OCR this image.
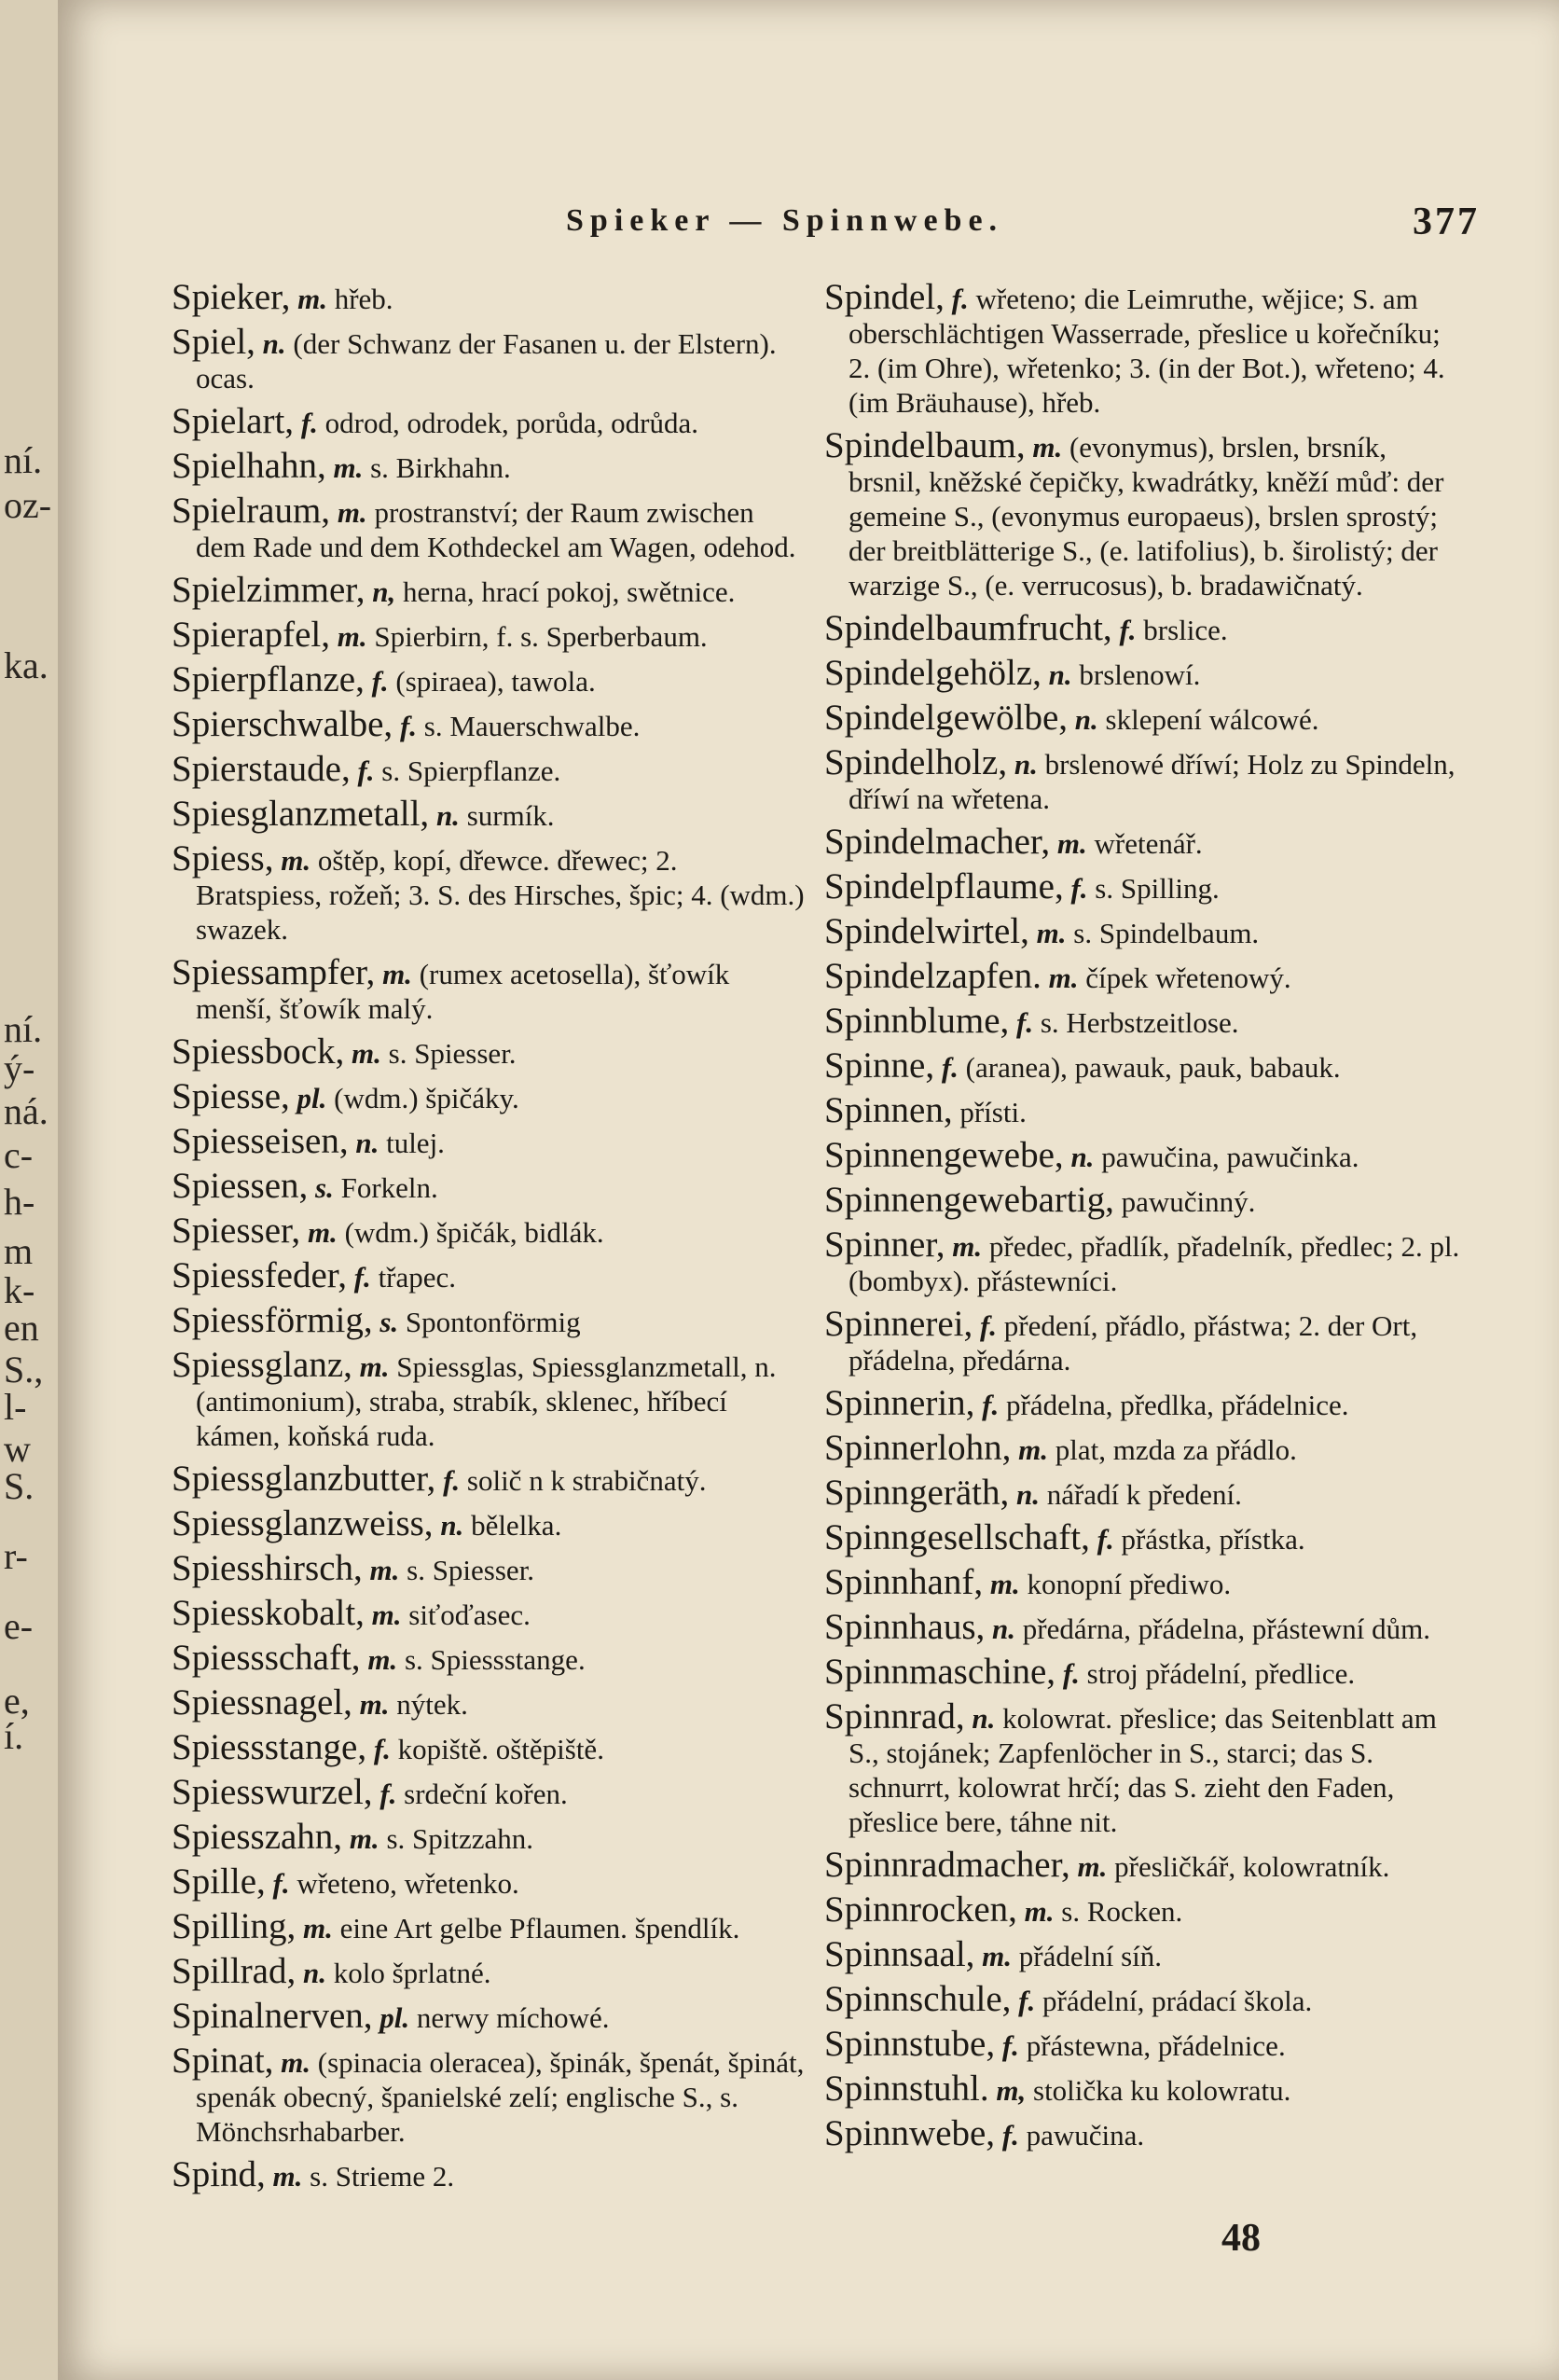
ní.
oz-
ka.
ní.
ý-
ná.
c-
h-
m
k-
en
S.,
l-
w
S.
r-
e-
e,
í.
Spieker — Spinnwebe.	377
Spieker, m. hřeb.
Spiel, n. (der Schwanz der Fasanen u. der Elstern). ocas.
Spielart, f. odrod, odrodek, porůda, odrůda.
Spielhahn, m. s. Birkhahn.
Spielraum, m. prostranství; der Raum zwischen dem Rade und dem Kothdeckel am Wagen, odehod.
Spielzimmer, n, herna, hrací pokoj, swětnice.
Spierapfel, m. Spierbirn, f. s. Sperberbaum.
Spierpflanze, f. (spiraea), tawola.
Spierschwalbe, f. s. Mauerschwalbe.
Spierstaude, f. s. Spierpflanze.
Spiesglanzmetall, n. surmík.
Spiess, m. oštěp, kopí, dřewce. dřewec; 2. Bratspiess, rožeň; 3. S. des Hirsches, špic; 4. (wdm.) swazek.
Spiessampfer, m. (rumex acetosella), šťowík menší, šťowík malý.
Spiessbock, m. s. Spiesser.
Spiesse, pl. (wdm.) špičáky.
Spiesseisen, n. tulej.
Spiessen, s. Forkeln.
Spiesser, m. (wdm.) špičák, bidlák.
Spiessfeder, f. třapec.
Spiessförmig, s. Spontonförmig
Spiessglanz, m. Spiessglas, Spiessglanzmetall, n. (antimonium), straba, strabík, sklenec, hříbecí kámen, koňská ruda.
Spiessglanzbutter, f. solič n k strabičnatý.
Spiessglanzweiss, n. bělelka.
Spiesshirsch, m. s. Spiesser.
Spiesskobalt, m. siťoďasec.
Spiessschaft, m. s. Spiessstange.
Spiessnagel, m. nýtek.
Spiessstange, f. kopiště. oštěpiště.
Spiesswurzel, f. srdeční kořen.
Spiesszahn, m. s. Spitzzahn.
Spille, f. wřeteno, wřetenko.
Spilling, m. eine Art gelbe Pflaumen. špendlík.
Spillrad, n. kolo šprlatné.
Spinalnerven, pl. nerwy míchowé.
Spinat, m. (spinacia oleracea), špinák, špenát, špinát, spenák obecný, španielské zelí; englische S., s. Mönchsrhabarber.
Spind, m. s. Strieme 2.
Spindel, f. wřeteno; die Leimruthe, wějice; S. am oberschlächtigen Wasserrade, přeslice u kořečníku; 2. (im Ohre), wřetenko; 3. (in der Bot.), wřeteno; 4. (im Bräuhause), hřeb.
Spindelbaum, m. (evonymus), brslen, brsník, brsnil, kněžské čepičky, kwadrátky, kněží můď: der gemeine S., (evonymus europaeus), brslen sprostý; der breitblätterige S., (e. latifolius), b. širolistý; der warzige S., (e. verrucosus), b. bradawičnatý.
Spindelbaumfrucht, f. brslice.
Spindelgehölz, n. brslenowí.
Spindelgewölbe, n. sklepení wálcowé.
Spindelholz, n. brslenowé dříwí; Holz zu Spindeln, dříwí na wřetena.
Spindelmacher, m. wřetenář.
Spindelpflaume, f. s. Spilling.
Spindelwirtel, m. s. Spindelbaum.
Spindelzapfen. m. čípek wřetenowý.
Spinnblume, f. s. Herbstzeitlose.
Spinne, f. (aranea), pawauk, pauk, babauk.
Spinnen, přísti.
Spinnengewebe, n. pawučina, pawučinka.
Spinnengewebartig, pawučinný.
Spinner, m. předec, přadlík, přadelník, předlec; 2. pl. (bombyx). přástewníci.
Spinnerei, f. předení, přádlo, přástwa; 2. der Ort, přádelna, předárna.
Spinnerin, f. přádelna, předlka, přádelnice.
Spinnerlohn, m. plat, mzda za přádlo.
Spinngeräth, n. nářadí k předení.
Spinngesellschaft, f. přástka, přístka.
Spinnhanf, m. konopní přediwo.
Spinnhaus, n. předárna, přádelna, přástewní dům.
Spinnmaschine, f. stroj přádelní, předlice.
Spinnrad, n. kolowrat. přeslice; das Seitenblatt am S., stojánek; Zapfenlöcher in S., starci; das S. schnurrt, kolowrat hrčí; das S. zieht den Faden, přeslice bere, táhne nit.
Spinnradmacher, m. přesličkář, kolowratník.
Spinnrocken, m. s. Rocken.
Spinnsaal, m. přádelní síň.
Spinnschule, f. přádelní, prádací škola.
Spinnstube, f. přástewna, přádelnice.
Spinnstuhl. m, stolička ku kolowratu.
Spinnwebe, f. pawučina.
48
